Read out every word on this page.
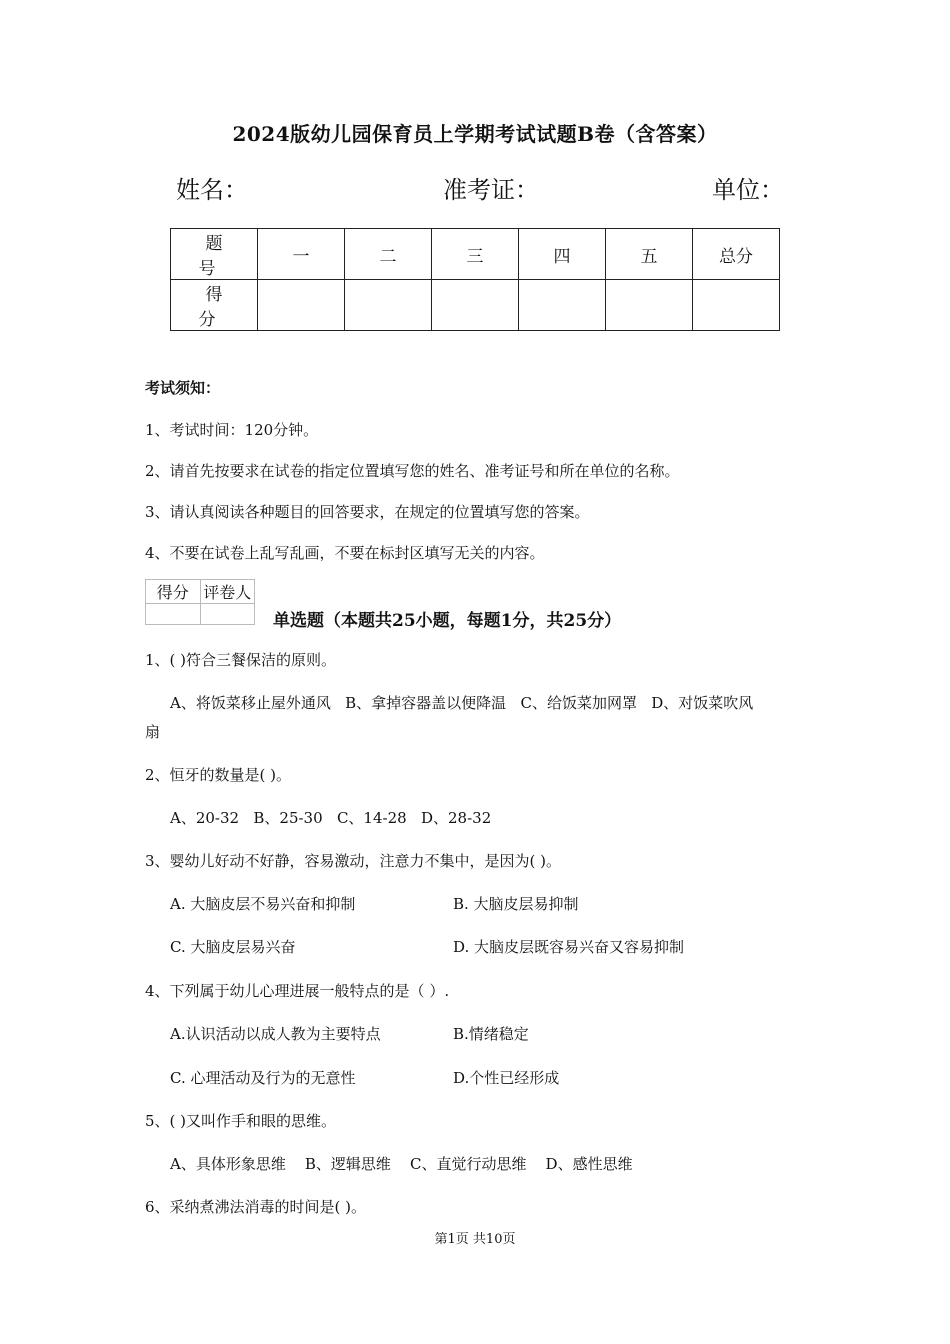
2024版幼儿园保育员上学期考试试题B卷（含答案）
姓名：	准考证：	单位：
题 号	一	二	三	四	五	总分
得 分						
考试须知：
1、考试时间：120分钟。
2、请首先按要求在试卷的指定位置填写您的姓名、准考证号和所在单位的名称。
3、请认真阅读各种题目的回答要求，在规定的位置填写您的答案。
4、不要在试卷上乱写乱画，不要在标封区填写无关的内容。
得分	评卷人

单选题（本题共25小题，每题1分，共25分）
1、( )符合三餐保洁的原则。
A、将饭菜移止屋外通风   B、拿掉容器盖以便降温   C、给饭菜加网罩   D、对饭菜吹风
扇
2、恒牙的数量是( )。
A、20-32   B、25-30   C、14-28   D、28-32
3、婴幼儿好动不好静，容易激动，注意力不集中，是因为( )。
A. 大脑皮层不易兴奋和抑制	B. 大脑皮层易抑制
C. 大脑皮层易兴奋	D. 大脑皮层既容易兴奋又容易抑制
4、下列属于幼儿心理进展一般特点的是（ ）.
A.认识活动以成人教为主要特点	B.情绪稳定
C. 心理活动及行为的无意性	D.个性已经形成
5、( )又叫作手和眼的思维。
A、具体形象思维    B、逻辑思维    C、直觉行动思维    D、感性思维
6、采纳煮沸法消毒的时间是( )。
第1页 共10页
